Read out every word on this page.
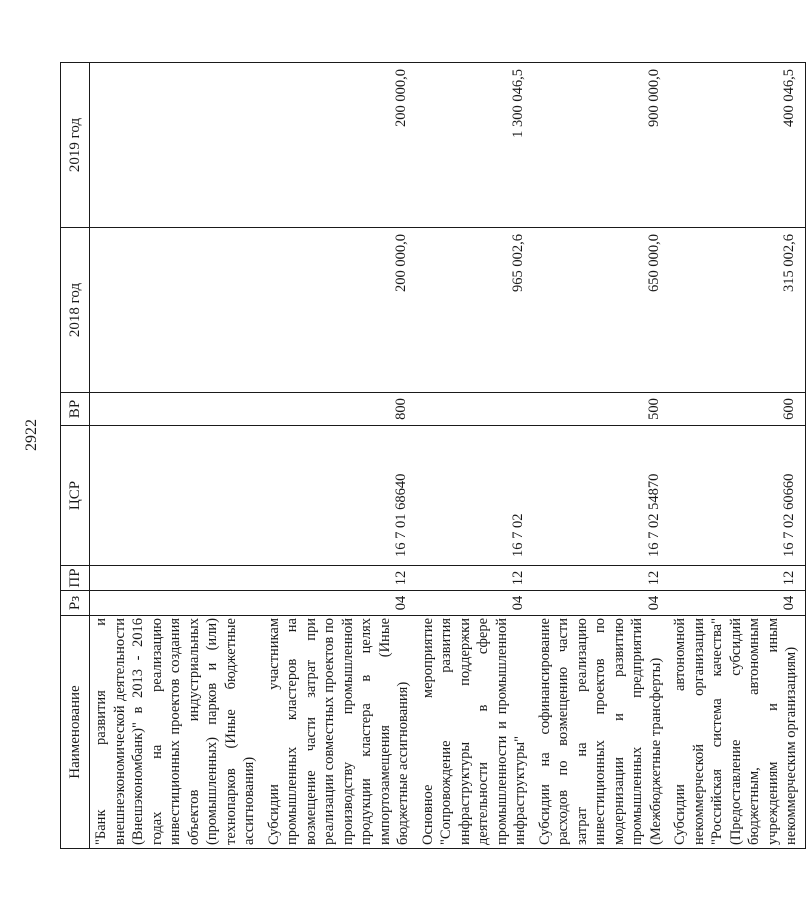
2922
Наименование	Рз	ПР	ЦСР	ВР	2018 год	2019 год
"Банк развития и внешнеэкономической деятельности (Внешэкономбанк)" в 2013 - 2016 годах на реализацию инвестиционных проектов создания объектов индустриальных (промышленных) парков и (или) технопарков (Иные бюджетные ассигнования)						
Субсидии участникам промышленных кластеров на возмещение части затрат при реализации совместных проектов по производству промышленной продукции кластера в целях импортозамещения (Иные бюджетные ассигнования)	04	12	16 7 01 68640	800	200 000,0	200 000,0
Основное мероприятие "Сопровождение развития инфраструктуры поддержки деятельности в сфере промышленности и промышленной инфраструктуры"	04	12	16 7 02		965 002,6	1 300 046,5
Субсидии на софинансирование расходов по возмещению части затрат на реализацию инвестиционных проектов по модернизации и развитию промышленных предприятий (Межбюджетные трансферты)	04	12	16 7 02 54870	500	650 000,0	900 000,0
Субсидии автономной некоммерческой организации "Российская система качества" (Предоставление субсидий бюджетным, автономным учреждениям и иным некоммерческим организациям)	04	12	16 7 02 60660	600	315 002,6	400 046,5
